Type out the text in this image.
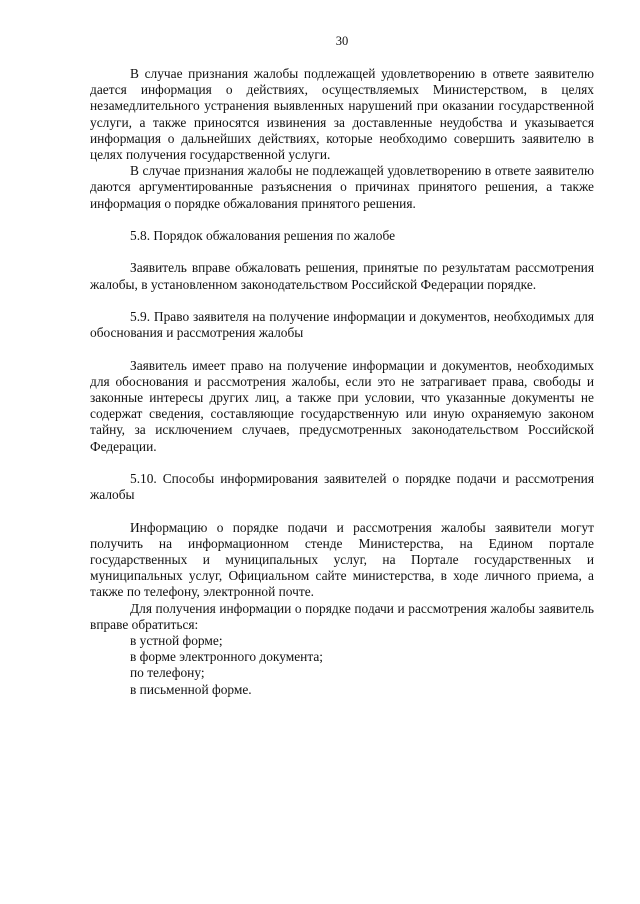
30

В случае признания жалобы подлежащей удовлетворению в ответе заявителю дается информация о действиях, осуществляемых Министерством, в целях незамедлительного устранения выявленных нарушений при оказании государственной услуги, а также приносятся извинения за доставленные неудобства и указывается информация о дальнейших действиях, которые необходимо совершить заявителю в целях получения государственной услуги.

В случае признания жалобы не подлежащей удовлетворению в ответе заявителю даются аргументированные разъяснения о причинах принятого решения, а также информация о порядке обжалования принятого решения.

5.8. Порядок обжалования решения по жалобе

Заявитель вправе обжаловать решения, принятые по результатам рассмотрения жалобы, в установленном законодательством Российской Федерации порядке.

5.9. Право заявителя на получение информации и документов, необходимых для обоснования и рассмотрения жалобы

Заявитель имеет право на получение информации и документов, необходимых для обоснования и рассмотрения жалобы, если это не затрагивает права, свободы и законные интересы других лиц, а также при условии, что указанные документы не содержат сведения, составляющие государственную или иную охраняемую законом тайну, за исключением случаев, предусмотренных законодательством Российской Федерации.

5.10. Способы информирования заявителей о порядке подачи и рассмотрения жалобы

Информацию о порядке подачи и рассмотрения жалобы заявители могут получить на информационном стенде Министерства, на Едином портале государственных и муниципальных услуг, на Портале государственных и муниципальных услуг, Официальном сайте министерства, в ходе личного приема, а также по телефону, электронной почте.

Для получения информации о порядке подачи и рассмотрения жалобы заявитель вправе обратиться:

в устной форме;

в форме электронного документа;

по телефону;

в письменной форме.
